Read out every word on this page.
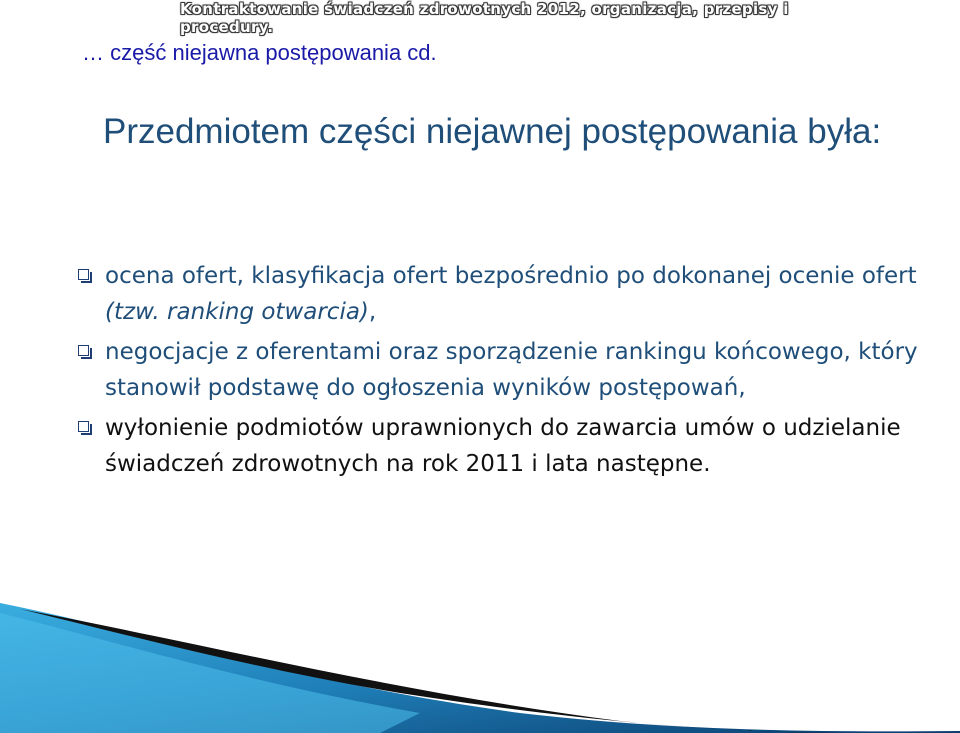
Kontraktowanie świadczeń zdrowotnych 2012, organizacja, przepisy i procedury.
… część niejawna postępowania cd.
Przedmiotem części niejawnej postępowania była:
ocena ofert, klasyfikacja ofert bezpośrednio po dokonanej ocenie ofert (tzw. ranking otwarcia),
negocjacje z oferentami oraz sporządzenie rankingu końcowego, który stanowił podstawę do ogłoszenia wyników postępowań,
wyłonienie podmiotów uprawnionych do zawarcia umów o udzielanie świadczeń zdrowotnych na rok 2011 i lata następne.
